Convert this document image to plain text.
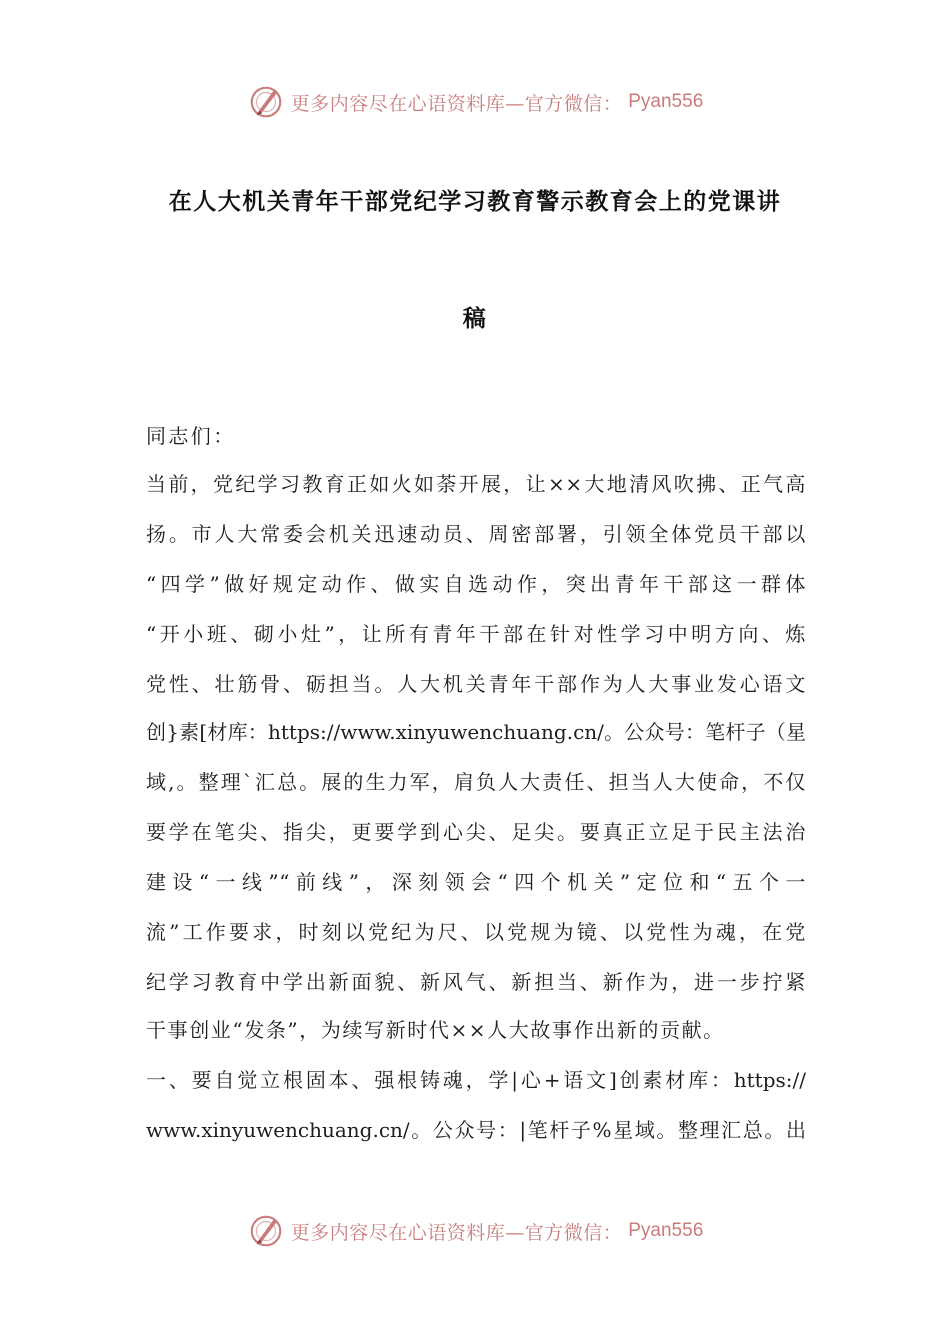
更多内容尽在心语资料库—官方微信： Pyan556
在人大机关青年干部党纪学习教育警示教育会上的党课讲
稿
同志们：
当前，党纪学习教育正如火如荼开展，让××大地清风吹拂、正气高
扬。市人大常委会机关迅速动员、周密部署，引领全体党员干部以
“四学”做好规定动作、做实自选动作，突出青年干部这一群体
“开小班、砌小灶”，让所有青年干部在针对性学习中明方向、炼
党性、壮筋骨、砺担当。人大机关青年干部作为人大事业发心语文
创}素[材库：https://www.xinyuwenchuang.cn/。公众号：笔杆子（星
域,。整理`汇总。展的生力军，肩负人大责任、担当人大使命，不仅
要学在笔尖、指尖，更要学到心尖、足尖。要真正立足于民主法治
建设“一线”“前线”，深刻领会“四个机关”定位和“五个一
流”工作要求，时刻以党纪为尺、以党规为镜、以党性为魂，在党
纪学习教育中学出新面貌、新风气、新担当、新作为，进一步拧紧
干事创业“发条”，为续写新时代××人大故事作出新的贡献。
一、要自觉立根固本、强根铸魂，学|心+语文]创素材库：https://
www.xinyuwenchuang.cn/。公众号：|笔杆子%星域。整理汇总。出
更多内容尽在心语资料库—官方微信： Pyan556
